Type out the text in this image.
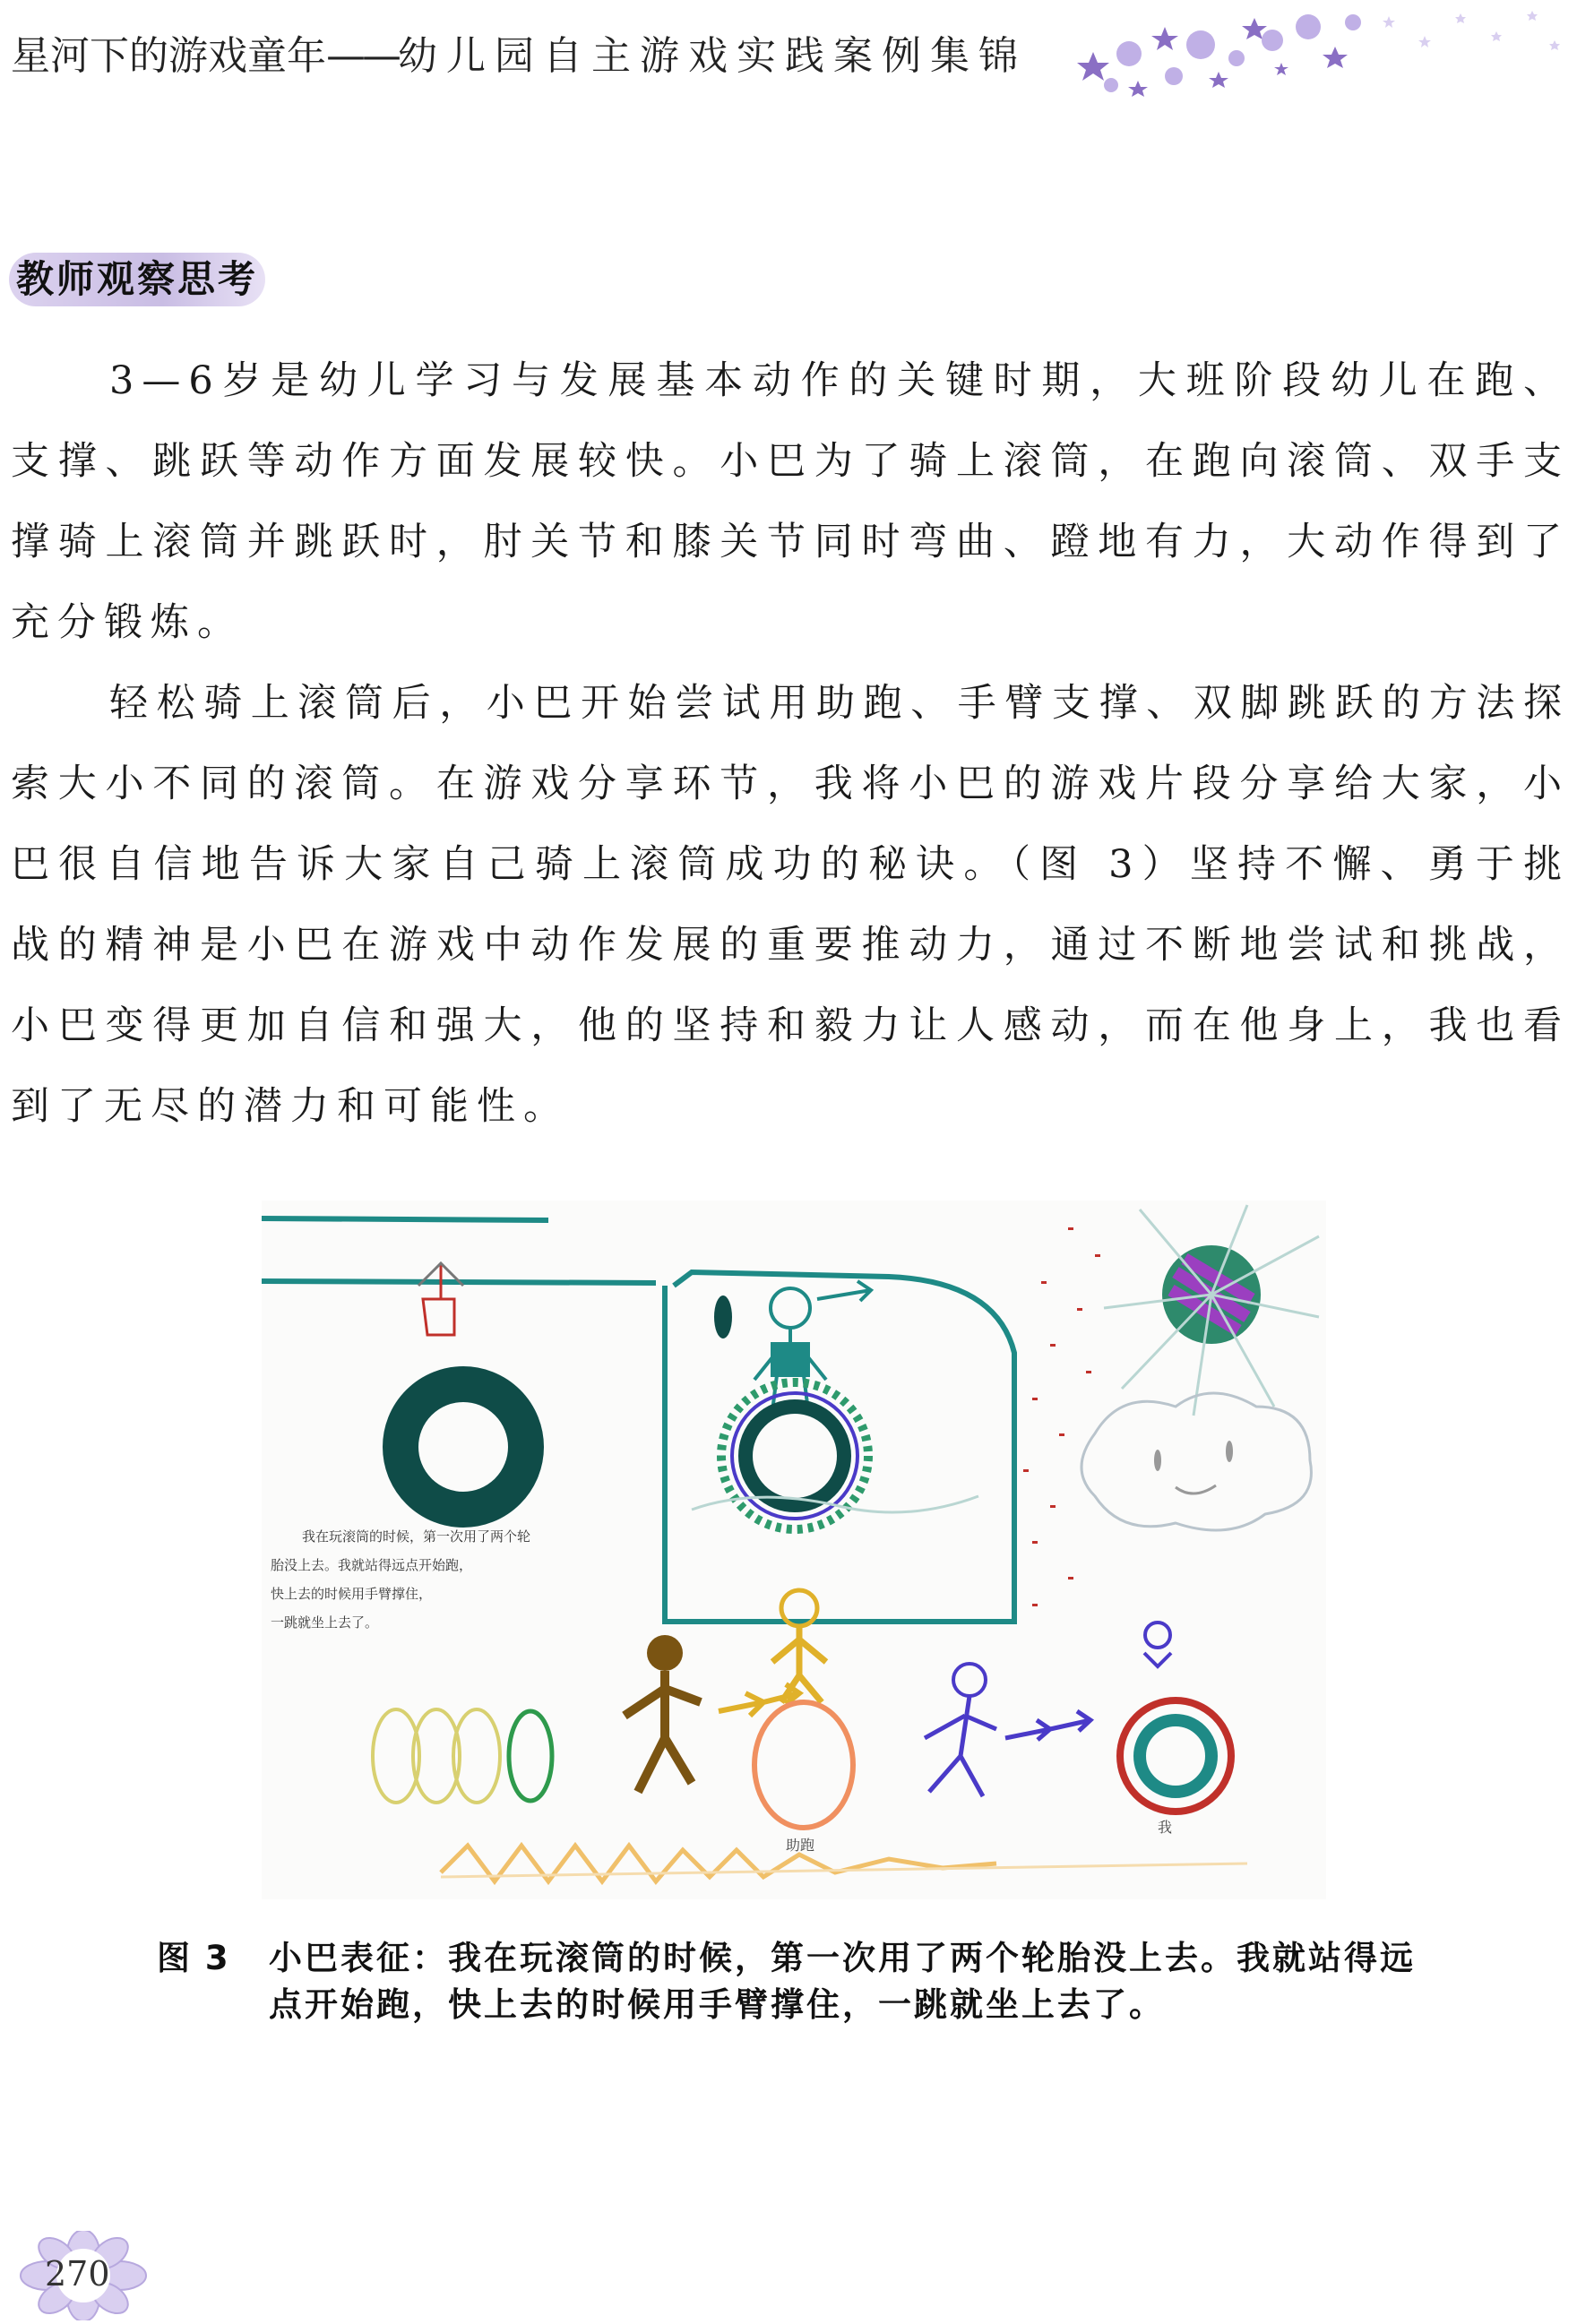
星河下的游戏童年——幼儿园自主游戏实践案例集锦
教师观察思考

3—6岁是幼儿学习与发展基本动作的关键时期，大班阶段幼儿在跑、支撑、跳跃等动作方面发展较快。小巴为了骑上滚筒，在跑向滚筒、双手支撑骑上滚筒并跳跃时，肘关节和膝关节同时弯曲、蹬地有力，大动作得到了充分锻炼。

轻松骑上滚筒后，小巴开始尝试用助跑、手臂支撑、双脚跳跃的方法探索大小不同的滚筒。在游戏分享环节，我将小巴的游戏片段分享给大家，小巴很自信地告诉大家自己骑上滚筒成功的秘诀。（图 3）坚持不懈、勇于挑战的精神是小巴在游戏中动作发展的重要推动力，通过不断地尝试和挑战，小巴变得更加自信和强大，他的坚持和毅力让人感动，而在他身上，我也看到了无尽的潜力和可能性。

我在玩滚筒的时候，第一次用了两个轮
胎没上去。我就站得远点开始跑，
快上去的时候用手臂撑住，
一跳就坐上去了。
助跑
我
图 3 小巴表征：我在玩滚筒的时候，第一次用了两个轮胎没上去。我就站得远点开始跑，快上去的时候用手臂撑住，一跳就坐上去了。
270
